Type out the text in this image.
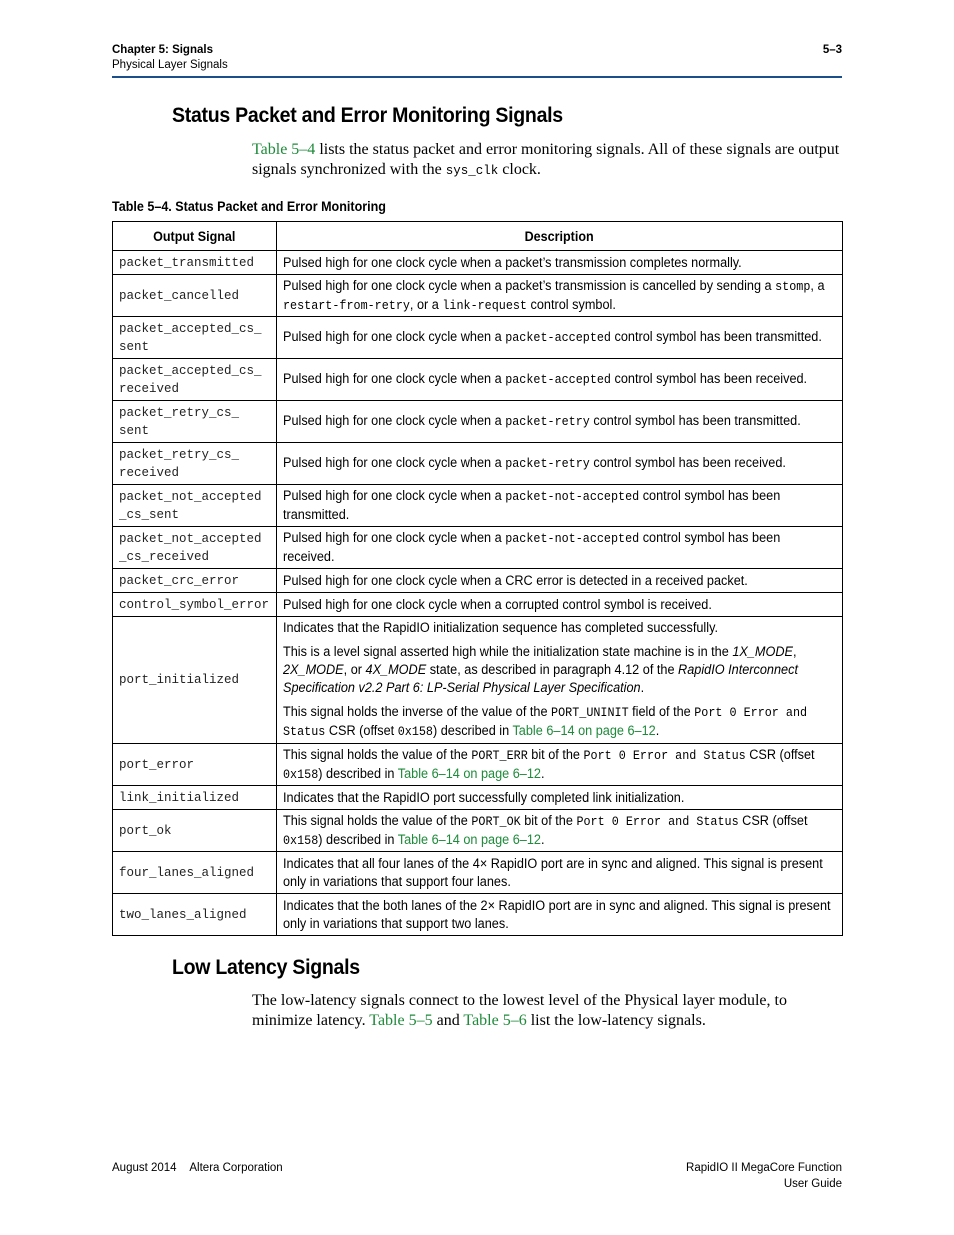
Chapter 5: Signals
Physical Layer Signals
5–3
Status Packet and Error Monitoring Signals

Table 5–4 lists the status packet and error monitoring signals. All of these signals are output signals synchronized with the sys_clk clock.

Table 5–4. Status Packet and Error Monitoring

Output Signal	Description
packet_transmitted	Pulsed high for one clock cycle when a packet’s transmission completes normally.
packet_cancelled	Pulsed high for one clock cycle when a packet’s transmission is cancelled by sending a stomp, a restart-from-retry, or a link-request control symbol.
packet_accepted_cs_
sent	Pulsed high for one clock cycle when a packet-accepted control symbol has been transmitted.
packet_accepted_cs_
received	Pulsed high for one clock cycle when a packet-accepted control symbol has been received.
packet_retry_cs_
sent	Pulsed high for one clock cycle when a packet-retry control symbol has been transmitted.
packet_retry_cs_
received	Pulsed high for one clock cycle when a packet-retry control symbol has been received.
packet_not_accepted
_cs_sent	Pulsed high for one clock cycle when a packet-not-accepted control symbol has been transmitted.
packet_not_accepted
_cs_received	Pulsed high for one clock cycle when a packet-not-accepted control symbol has been received.
packet_crc_error	Pulsed high for one clock cycle when a CRC error is detected in a received packet.
control_symbol_error	Pulsed high for one clock cycle when a corrupted control symbol is received.
port_initialized	Indicates that the RapidIO initialization sequence has completed successfully.

This is a level signal asserted high while the initialization state machine is in the 1X_MODE, 2X_MODE, or 4X_MODE state, as described in paragraph 4.12 of the RapidIO Interconnect Specification v2.2 Part 6: LP-Serial Physical Layer Specification.

This signal holds the inverse of the value of the PORT_UNINIT field of the Port 0 Error and Status CSR (offset 0x158) described in Table 6–14 on page 6–12.

port_error	This signal holds the value of the PORT_ERR bit of the Port 0 Error and Status CSR (offset 0x158) described in Table 6–14 on page 6–12.
link_initialized	Indicates that the RapidIO port successfully completed link initialization.
port_ok	This signal holds the value of the PORT_OK bit of the Port 0 Error and Status CSR (offset 0x158) described in Table 6–14 on page 6–12.
four_lanes_aligned	Indicates that all four lanes of the 4× RapidIO port are in sync and aligned. This signal is present only in variations that support four lanes.
two_lanes_aligned	Indicates that the both lanes of the 2× RapidIO port are in sync and aligned. This signal is present only in variations that support two lanes.
Low Latency Signals

The low-latency signals connect to the lowest level of the Physical layer module, to minimize latency. Table 5–5 and Table 5–6 list the low-latency signals.

August 2014 Altera Corporation	RapidIO II MegaCore Function
User Guide
